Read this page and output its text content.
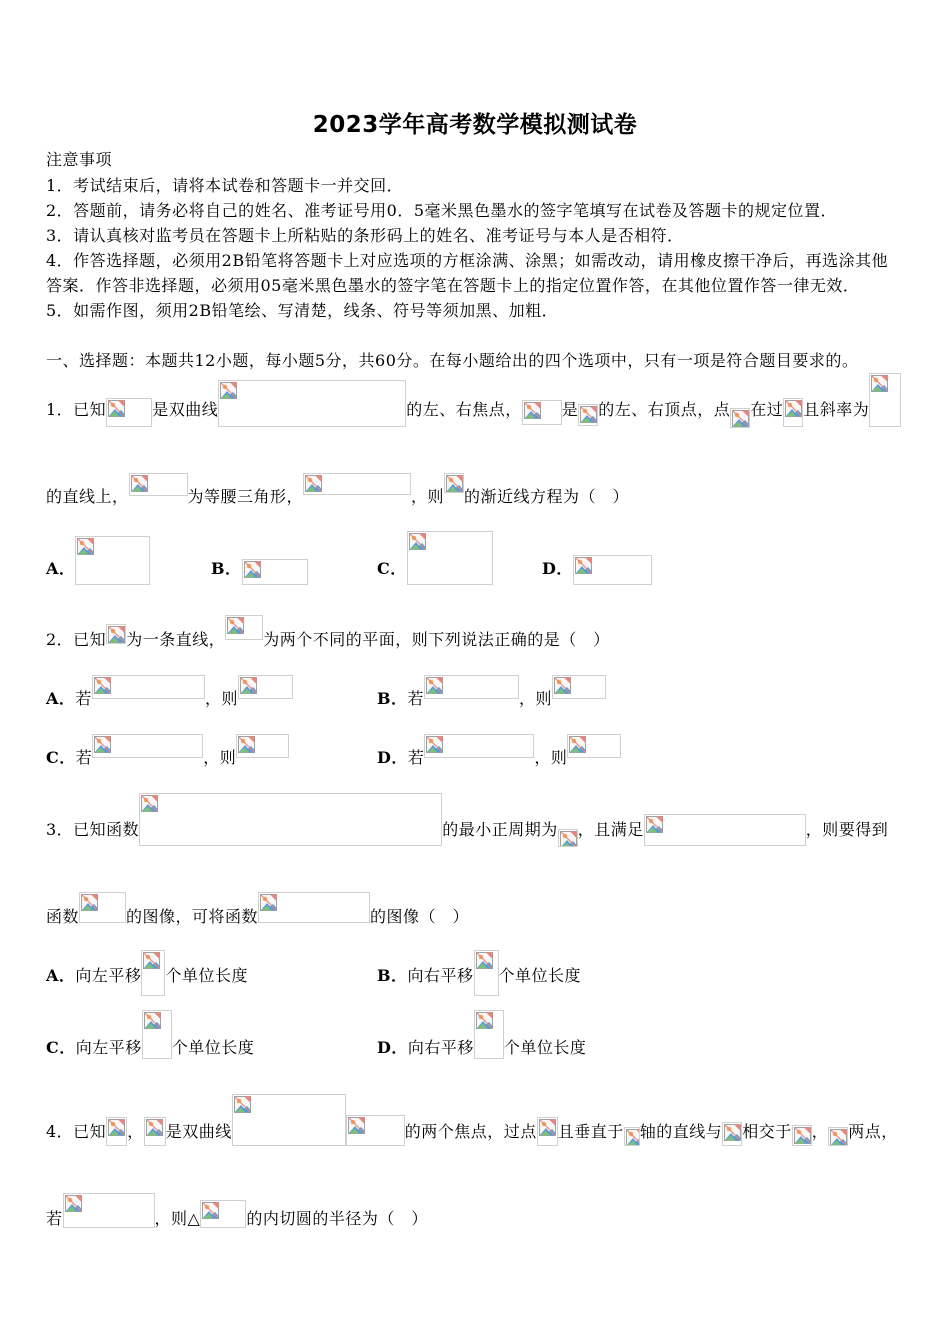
2023学年高考数学模拟测试卷
注意事项
1．考试结束后，请将本试卷和答题卡一并交回．
2．答题前，请务必将自己的姓名、准考证号用0．5毫米黑色墨水的签字笔填写在试卷及答题卡的规定位置．
3．请认真核对监考员在答题卡上所粘贴的条形码上的姓名、准考证号与本人是否相符．
4．作答选择题，必须用2B铅笔将答题卡上对应选项的方框涂满、涂黑；如需改动，请用橡皮擦干净后，再选涂其他
答案．作答非选择题，必须用05毫米黑色墨水的签字笔在答题卡上的指定位置作答，在其他位置作答一律无效．
5．如需作图，须用2B铅笔绘、写清楚，线条、符号等须加黑、加粗．
一、选择题：本题共12小题，每小题5分，共60分。在每小题给出的四个选项中，只有一项是符合题目要求的。
1．已知	是双曲线	的左、右焦点，	是 的左、右顶点，点 在过 且斜率为
的直线上，	为等腰三角形，	，则 的渐近线方程为（　）
A．	B．	C．	D．
2．已知 为一条直线， 为两个不同的平面，则下列说法正确的是（　）
A． 若	，则	B． 若	，则
C． 若	，则	D． 若	，则
3．已知函数	的最小正周期为 ，且满足	，则要得到
函数	的图像，可将函数	的图像（　）
A． 向左平移 个单位长度	B． 向右平移 个单位长度
C． 向左平移 个单位长度	D． 向右平移 个单位长度
4．已知 ， 是双曲线	的两个焦点，过点 且垂直于 轴的直线与 相交于 ， 两点，
若	，则△	的内切圆的半径为（　）
